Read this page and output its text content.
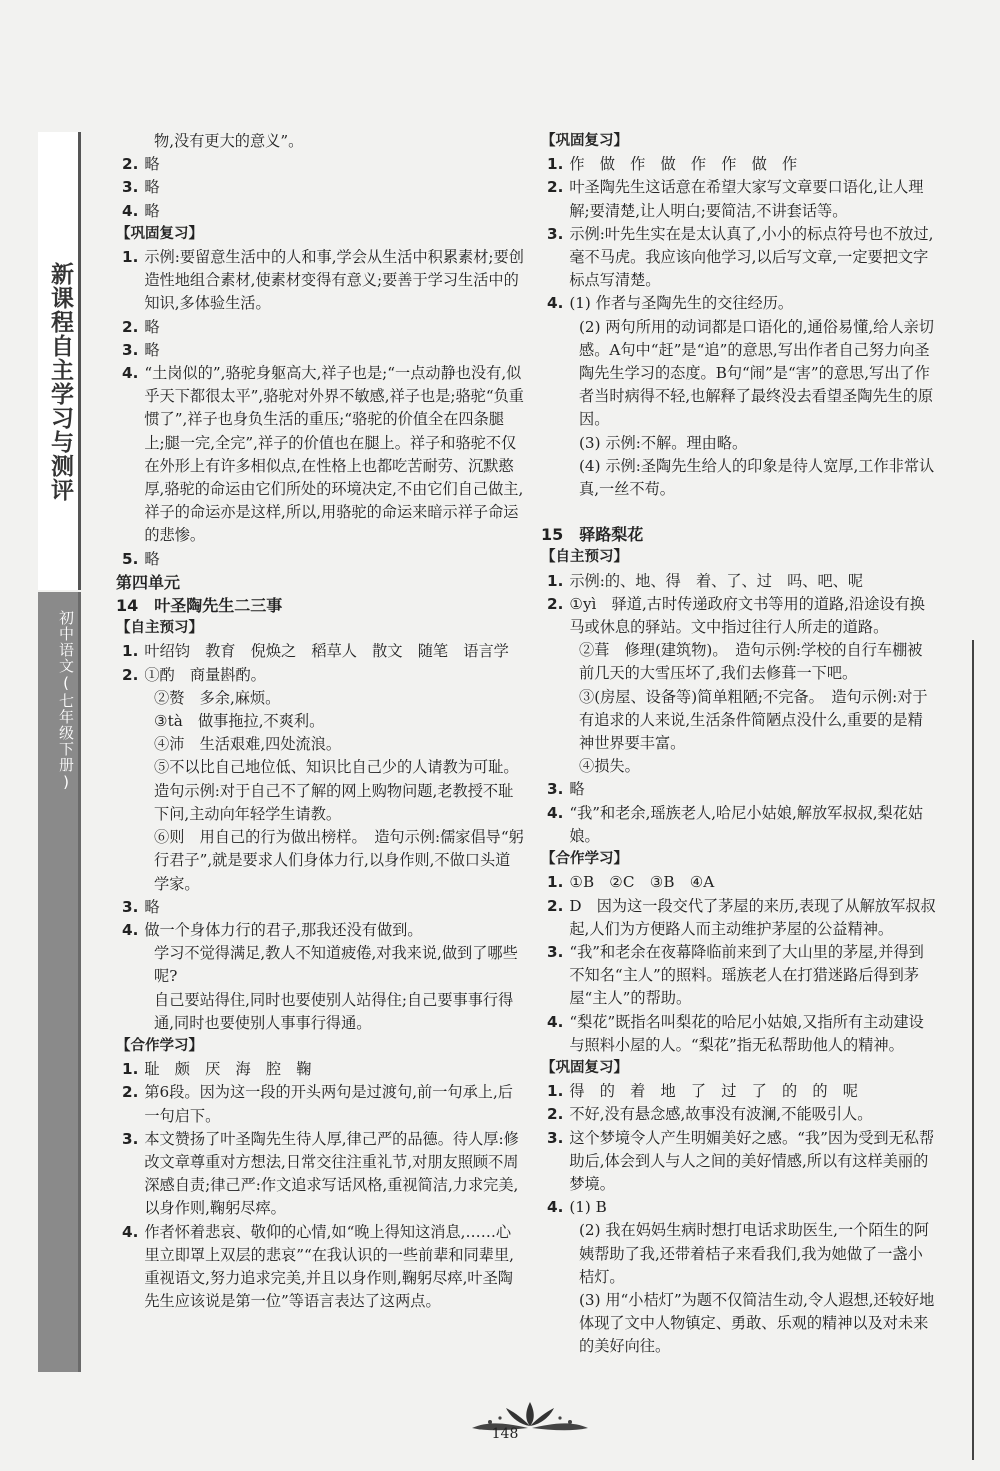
新课程自主学习与测评
初中语文(七年级下册)

物,没有更大的意义”。

2. 略
3. 略
4. 略

【巩固复习】

1. 示例:要留意生活中的人和事,学会从生活中积累素材;要创造性地组合素材,使素材变得有意义;要善于学习生活中的知识,多体验生活。
2. 略
3. 略
4. “土岗似的”,骆驼身躯高大,祥子也是;“一点动静也没有,似乎天下都很太平”,骆驼对外界不敏感,祥子也是;骆驼“负重惯了”,祥子也身负生活的重压;“骆驼的价值全在四条腿上;腿一完,全完”,祥子的价值也在腿上。祥子和骆驼不仅在外形上有许多相似点,在性格上也都吃苦耐劳、沉默憨厚,骆驼的命运由它们所处的环境决定,不由它们自己做主,祥子的命运亦是这样,所以,用骆驼的命运来暗示祥子命运的悲惨。
5. 略

第四单元

14　叶圣陶先生二三事

【自主预习】

1. 叶绍钧　教育　倪焕之　稻草人　散文　随笔　语言学
2. ①酌　商量斟酌。

②赘　多余,麻烦。

③tà　做事拖拉,不爽利。

④沛　生活艰难,四处流浪。

⑤不以比自己地位低、知识比自己少的人请教为可耻。　造句示例:对于自己不了解的网上购物问题,老教授不耻下问,主动向年轻学生请教。

⑥则　用自己的行为做出榜样。　造句示例:儒家倡导“躬行君子”,就是要求人们身体力行,以身作则,不做口头道学家。

3. 略
4. 做一个身体力行的君子,那我还没有做到。

学习不觉得满足,教人不知道疲倦,对我来说,做到了哪些呢?

自己要站得住,同时也要使别人站得住;自己要事事行得通,同时也要使别人事事行得通。

【合作学习】

1. 耻　颇　厌　海　腔　鞠
2. 第6段。因为这一段的开头两句是过渡句,前一句承上,后一句启下。
3. 本文赞扬了叶圣陶先生待人厚,律己严的品德。待人厚:修改文章尊重对方想法,日常交往注重礼节,对朋友照顾不周深感自责;律己严:作文追求写话风格,重视简洁,力求完美,以身作则,鞠躬尽瘁。
4. 作者怀着悲哀、敬仰的心情,如“晚上得知这消息,……心里立即罩上双层的悲哀”“在我认识的一些前辈和同辈里,重视语文,努力追求完美,并且以身作则,鞠躬尽瘁,叶圣陶先生应该说是第一位”等语言表达了这两点。

【巩固复习】

1. 作　做　作　做　作　作　做　作
2. 叶圣陶先生这话意在希望大家写文章要口语化,让人理解;要清楚,让人明白;要简洁,不讲套话等。
3. 示例:叶先生实在是太认真了,小小的标点符号也不放过,毫不马虎。我应该向他学习,以后写文章,一定要把文字标点写清楚。
4. (1) 作者与圣陶先生的交往经历。

(2) 两句所用的动词都是口语化的,通俗易懂,给人亲切感。A句中“赶”是“追”的意思,写出作者自己努力向圣陶先生学习的态度。B句“闹”是“害”的意思,写出了作者当时病得不轻,也解释了最终没去看望圣陶先生的原因。

(3) 示例:不解。理由略。

(4) 示例:圣陶先生给人的印象是待人宽厚,工作非常认真,一丝不苟。

15　驿路梨花

【自主预习】

1. 示例:的、地、得　着、了、过　吗、吧、呢
2. ①yì　驿道,古时传递政府文书等用的道路,沿途设有换马或休息的驿站。文中指过往行人所走的道路。

②葺　修理(建筑物)。　造句示例:学校的自行车棚被前几天的大雪压坏了,我们去修葺一下吧。

③(房屋、设备等)简单粗陋;不完备。　造句示例:对于有追求的人来说,生活条件简陋点没什么,重要的是精神世界要丰富。

④损失。

3. 略
4. “我”和老余,瑶族老人,哈尼小姑娘,解放军叔叔,梨花姑娘。

【合作学习】

1. ①B　②C　③B　④A
2. D　因为这一段交代了茅屋的来历,表现了从解放军叔叔起,人们为方便路人而主动维护茅屋的公益精神。
3. “我”和老余在夜幕降临前来到了大山里的茅屋,并得到不知名“主人”的照料。瑶族老人在打猎迷路后得到茅屋“主人”的帮助。
4. “梨花”既指名叫梨花的哈尼小姑娘,又指所有主动建设与照料小屋的人。“梨花”指无私帮助他人的精神。

【巩固复习】

1. 得　的　着　地　了　过　了　的　的　呢
2. 不好,没有悬念感,故事没有波澜,不能吸引人。
3. 这个梦境令人产生明媚美好之感。“我”因为受到无私帮助后,体会到人与人之间的美好情感,所以有这样美丽的梦境。
4. (1) B

(2) 我在妈妈生病时想打电话求助医生,一个陌生的阿姨帮助了我,还带着桔子来看我们,我为她做了一盏小桔灯。

(3) 用“小桔灯”为题不仅简洁生动,令人遐想,还较好地体现了文中人物镇定、勇敢、乐观的精神以及对未来的美好向往。

148
